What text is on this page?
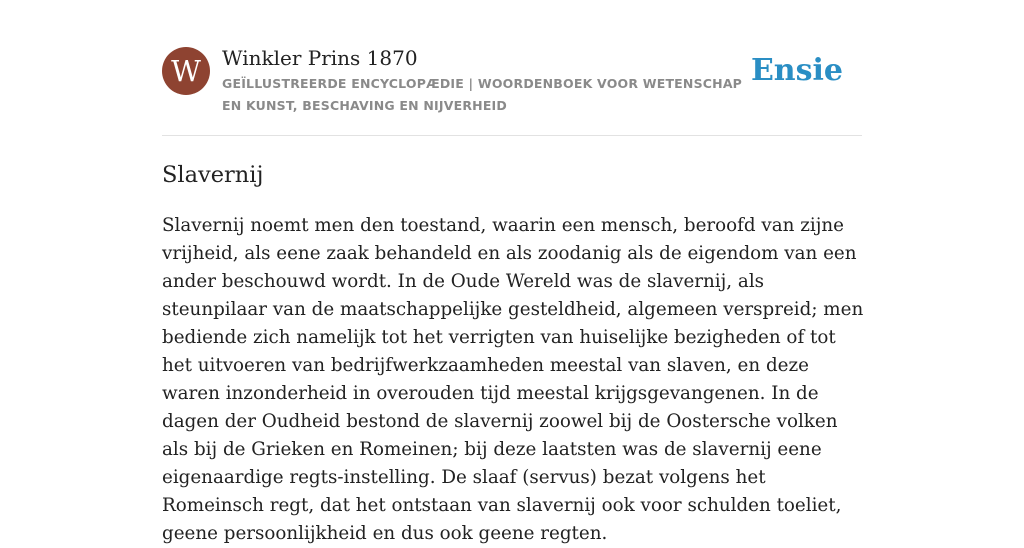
W	Winkler Prins 1870
GEÏLLUSTREERDE ENCYCLOPÆDIE | WOORDENBOEK VOOR WETENSCHAP EN KUNST, BESCHAVING EN NIJVERHEID
Ensie
Slavernij

Slavernij noemt men den toestand, waarin een mensch, beroofd van zijne vrijheid, als eene zaak behandeld en als zoodanig als de eigendom van een ander beschouwd wordt. In de Oude Wereld was de slavernij, als steunpilaar van de maatschappelijke gesteldheid, algemeen verspreid; men bediende zich namelijk tot het verrigten van huiselijke bezigheden of tot het uitvoeren van bedrijfwerkzaamheden meestal van slaven, en deze waren inzonderheid in overouden tijd meestal krijgsgevangenen. In de dagen der Oudheid bestond de slavernij zoowel bij de Oostersche volken als bij de Grieken en Romeinen; bij deze laatsten was de slavernij eene eigenaardige regts-instelling. De slaaf (servus) bezat volgens het Romeinsch regt, dat het ontstaan van slavernij ook voor schulden toeliet, geene persoonlijkheid en dus ook geene regten.
